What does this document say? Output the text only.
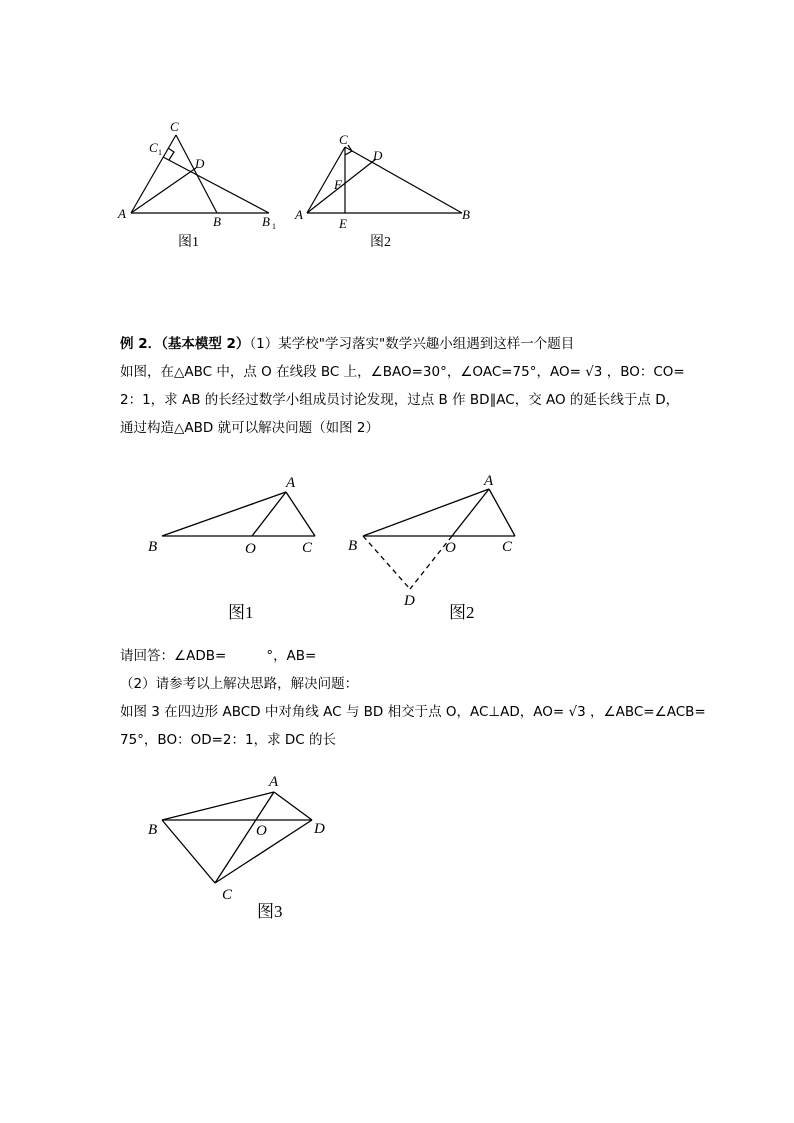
A
B	B 1
C
C 1
D
图1
A	B
C
D
E
F
图2
例 2．（基本模型 2）（1）某学校"学习落实"数学兴趣小组遇到这样一个题目
如图，在△ABC 中，点 O 在线段 BC 上，∠BAO=30°，∠OAC=75°，AO= √3 ，BO：CO=
2：1，求 AB 的长经过数学小组成员讨论发现，过点 B 作 BD∥AC，交 AO 的延长线于点 D，
通过构造△ABD 就可以解决问题（如图 2）
A
B	O	C
图1
A
B	O	C
D
图2
请回答：∠ADB=	°，AB=
（2）请参考以上解决思路，解决问题：
如图 3 在四边形 ABCD 中对角线 AC 与 BD 相交于点 O，AC⊥AD，AO= √3 ，∠ABC=∠ACB=
75°，BO：OD=2：1，求 DC 的长
A
B	O	D
C
图3
